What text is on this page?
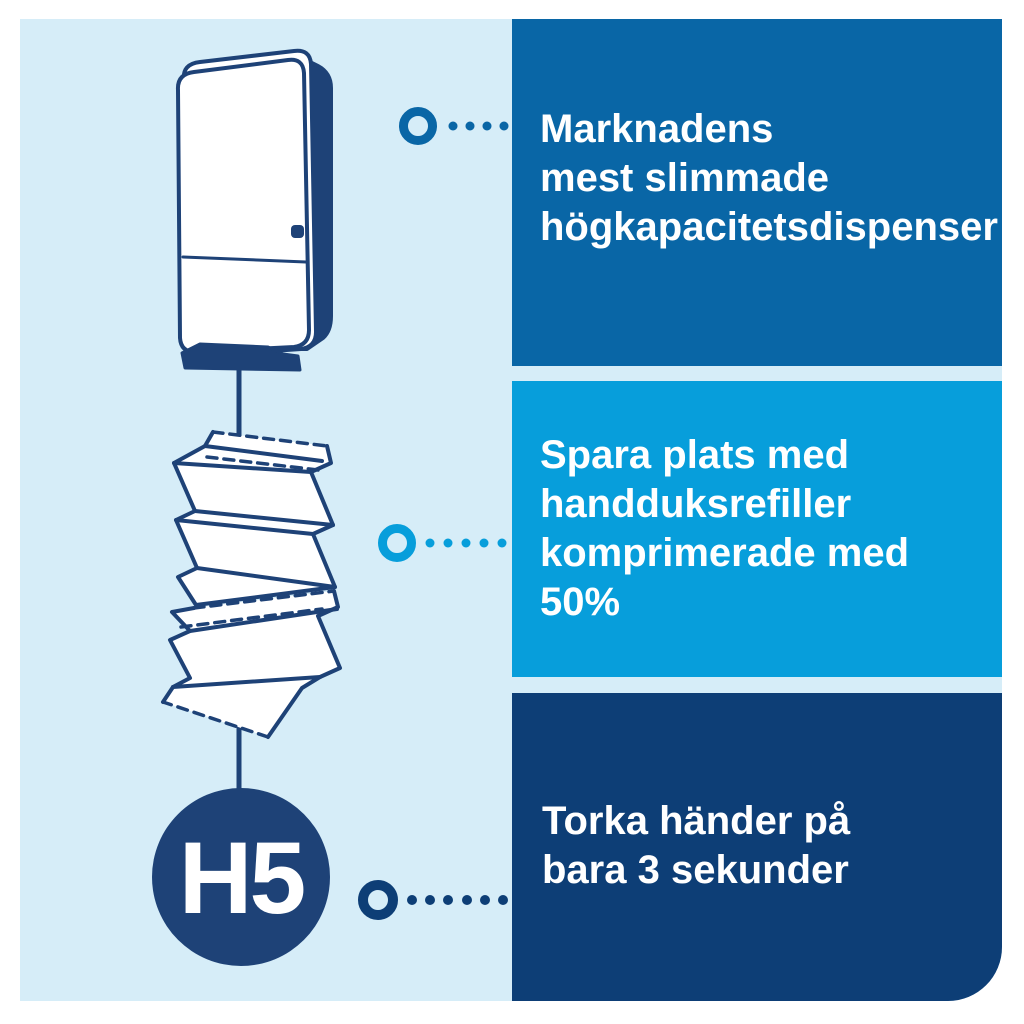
Marknadens
mest slimmade
högkapacitetsdispenser
Spara plats med
handduksrefiller
komprimerade med
50%
Torka händer på
bara 3 sekunder
H5
